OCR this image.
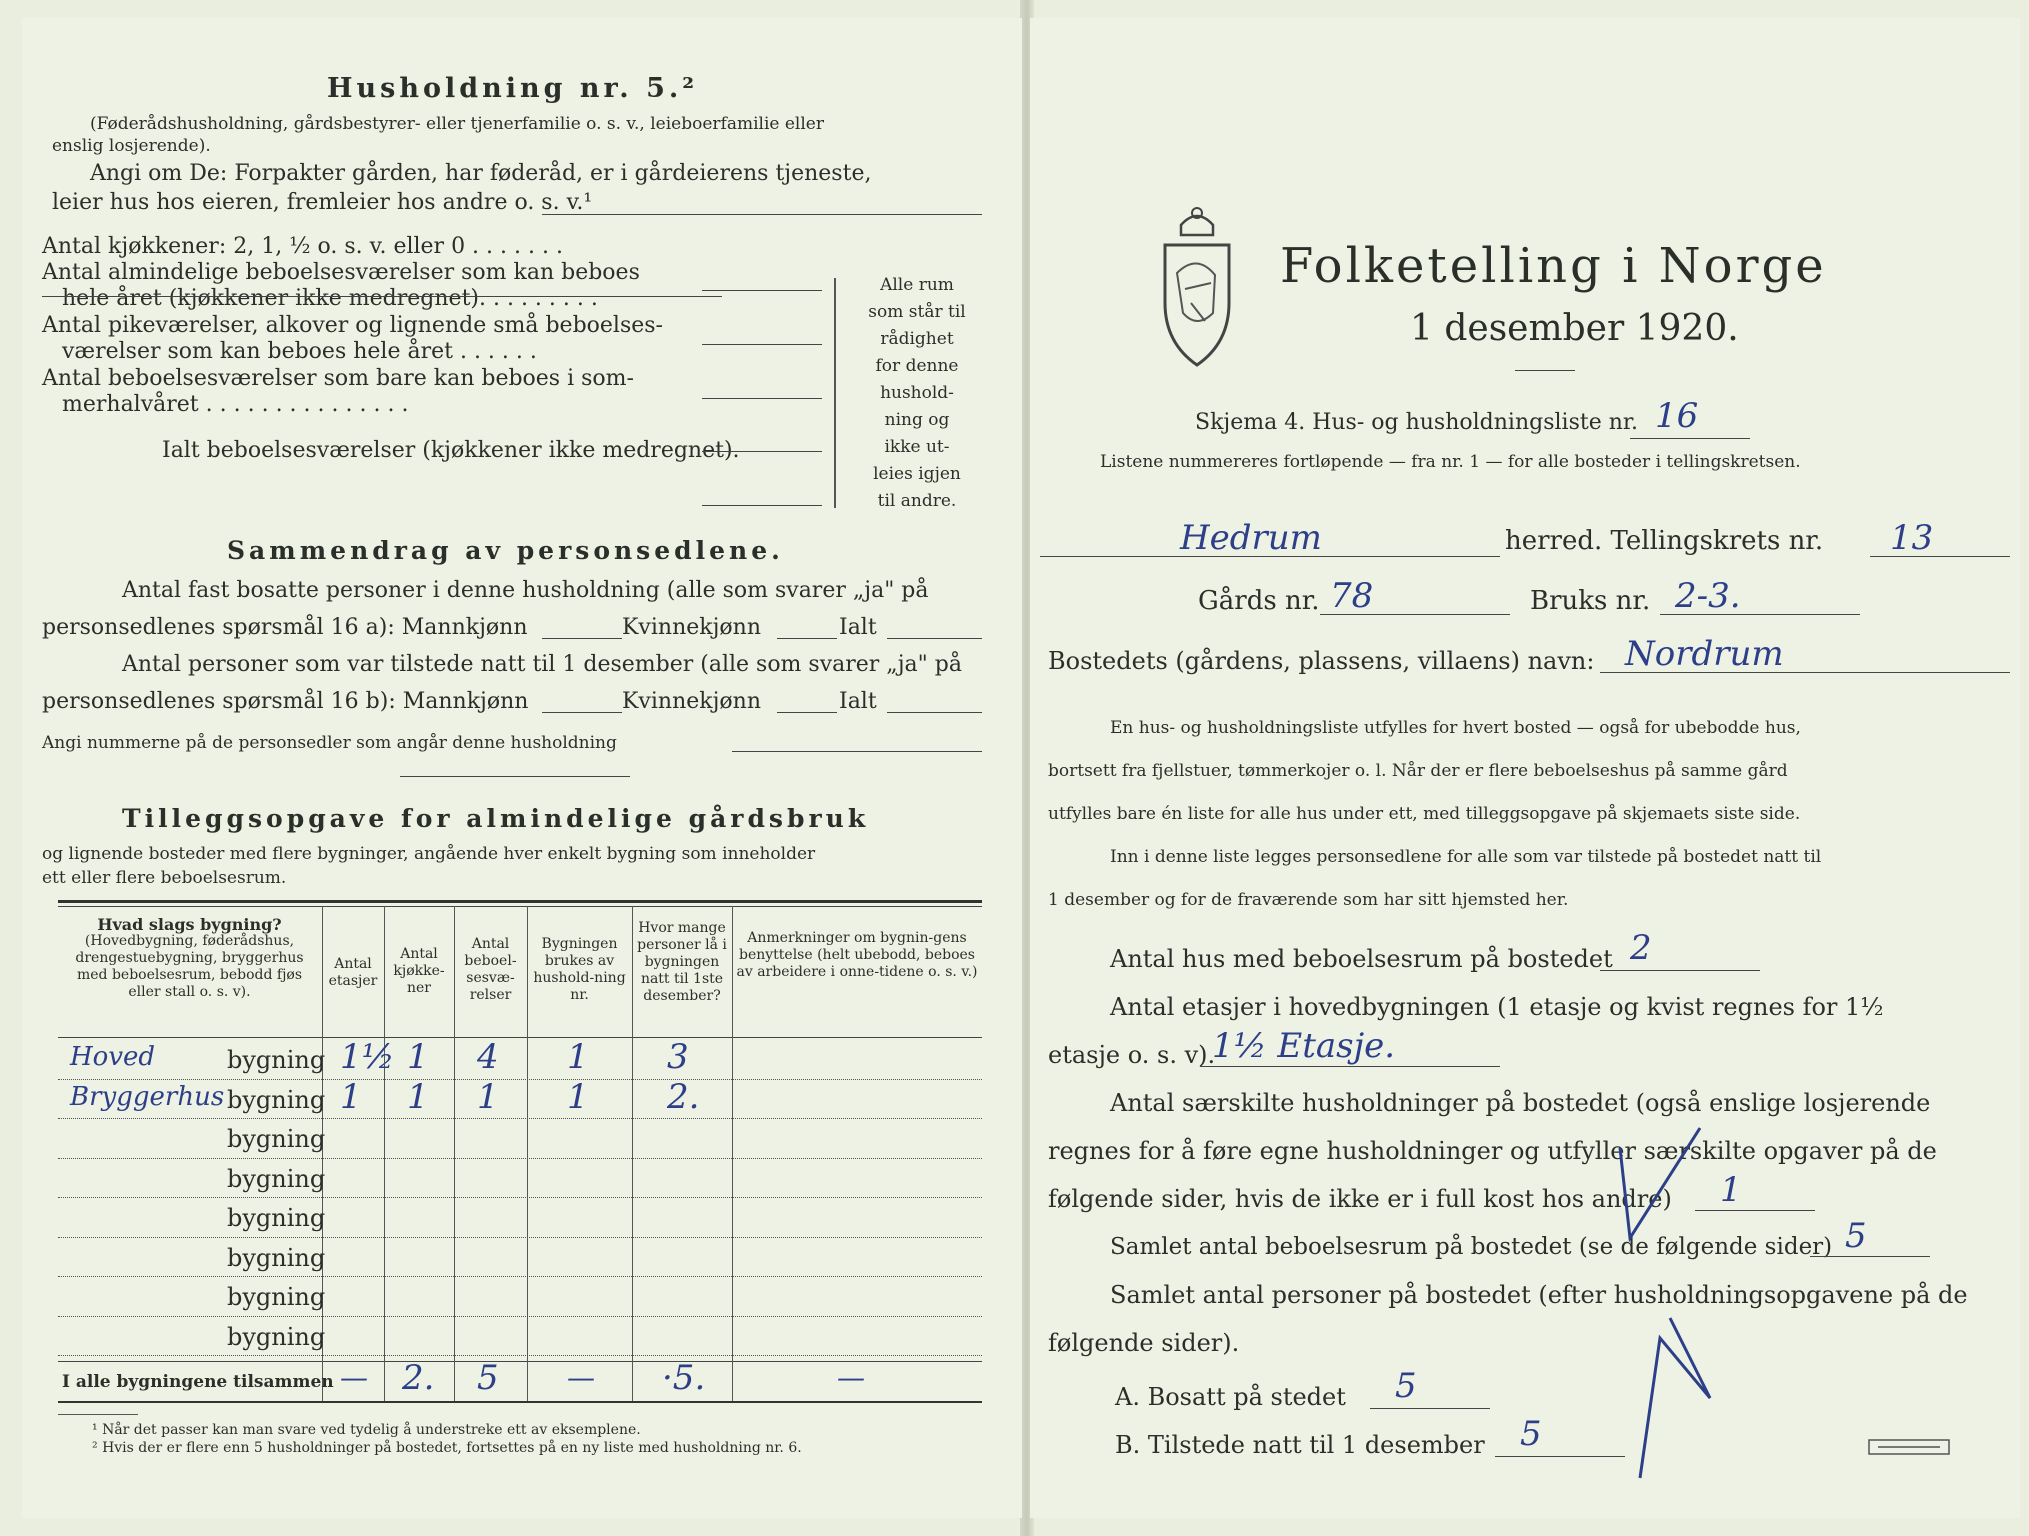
Husholdning nr. 5.²
(Føderådshusholdning, gårdsbestyrer- eller tjenerfamilie o. s. v., leieboerfamilie eller
enslig losjerende).
Angi om De: Forpakter gården, har føderåd, er i gårdeierens tjeneste,
leier hus hos eieren, fremleier hos andre o. s. v.¹
Antal kjøkkener: 2, 1, ½ o. s. v. eller 0 . . . . . . .
Antal almindelige beboelsesværelser som kan beboes
hele året (kjøkkener ikke medregnet). . . . . . . . .
Antal pikeværelser, alkover og lignende små beboelses-
værelser som kan beboes hele året . . . . . .
Antal beboelsesværelser som bare kan beboes i som-
merhalvåret . . . . . . . . . . . . . . .
Ialt beboelsesværelser (kjøkkener ikke medregnet).
Alle rum
som står til
rådighet
for denne
hushold-
ning og
ikke ut-
leies igjen
til andre.
Sammendrag av personsedlene.
Antal fast bosatte personer i denne husholdning (alle som svarer „ja" på
personsedlenes spørsmål 16 a): Mannkjønn	Kvinnekjønn	Ialt
Antal personer som var tilstede natt til 1 desember (alle som svarer „ja" på
personsedlenes spørsmål 16 b): Mannkjønn	Kvinnekjønn	Ialt
Angi nummerne på de personsedler som angår denne husholdning
Tilleggsopgave for almindelige gårdsbruk
og lignende bosteder med flere bygninger, angående hver enkelt bygning som inneholder
ett eller flere beboelsesrum.
Hvad slags bygning?
(Hovedbygning, føderådshus, drengestuebygning, bryggerhus med beboelsesrum, bebodd fjøs eller stall o. s. v).
Antal etasjer
Antal kjøkke-ner
Antal beboel-sesvæ-relser
Bygningen brukes av hushold-ning nr.
Hvor mange personer lå i bygningen natt til 1ste desember?
Anmerkninger om bygnin-gens benyttelse (helt ubebodd, beboes av arbeidere i onne-tidene o. s. v.)
Hoved	bygning 1½ 1 4 1 3
Bryggerhus bygning 1 1 1 1 2.
bygning
bygning
bygning
bygning
bygning
bygning
I alle bygningene tilsammen — 2. 5 — ·5.	—
¹ Når det passer kan man svare ved tydelig å understreke ett av eksemplene.
² Hvis der er flere enn 5 husholdninger på bostedet, fortsettes på en ny liste med husholdning nr. 6.
Folketelling i Norge
1 desember 1920.
Skjema 4. Hus- og husholdningsliste nr. 16
Listene nummereres fortløpende — fra nr. 1 — for alle bosteder i tellingskretsen.
Hedrum	herred. Tellingskrets nr. 13
Gårds nr. 78	Bruks nr. 2-3.
Bostedets (gårdens, plassens, villaens) navn: Nordrum
En hus- og husholdningsliste utfylles for hvert bosted — også for ubebodde hus,
bortsett fra fjellstuer, tømmerkojer o. l. Når der er flere beboelseshus på samme gård
utfylles bare én liste for alle hus under ett, med tilleggsopgave på skjemaets siste side.
Inn i denne liste legges personsedlene for alle som var tilstede på bostedet natt til
1 desember og for de fraværende som har sitt hjemsted her.
Antal hus med beboelsesrum på bostedet 2
Antal etasjer i hovedbygningen (1 etasje og kvist regnes for 1½
etasje o. s. v).
1½ Etasje.
Antal særskilte husholdninger på bostedet (også enslige losjerende
regnes for å føre egne husholdninger og utfyller særskilte opgaver på de
følgende sider, hvis de ikke er i full kost hos andre) 1
Samlet antal beboelsesrum på bostedet (se de følgende sider) 5
Samlet antal personer på bostedet (efter husholdningsopgavene på de
følgende sider).
A. Bosatt på stedet 5
B. Tilstede natt til 1 desember 5
